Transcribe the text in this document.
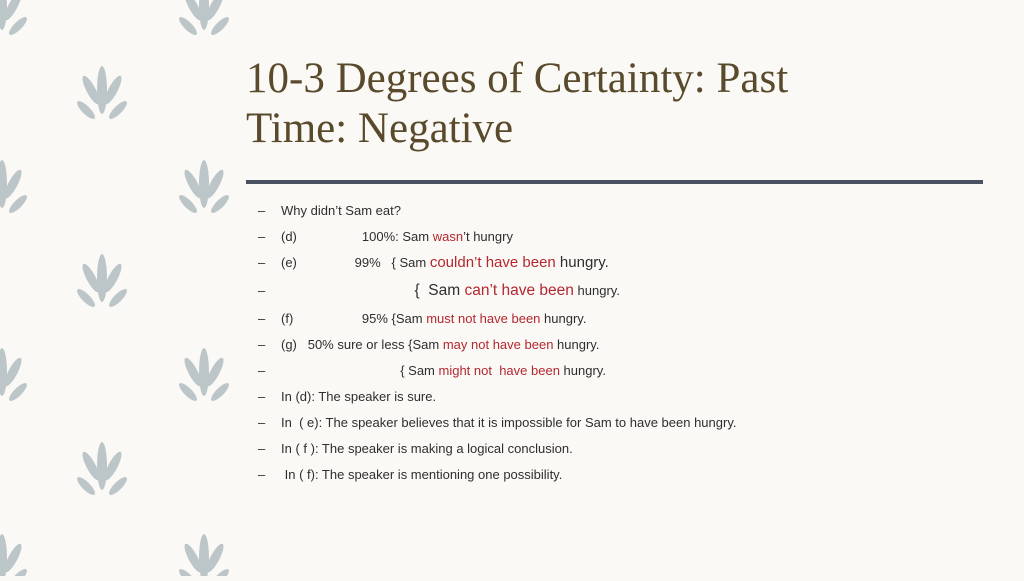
10-3 Degrees of Certainty: Past
Time: Negative

–

Why didn’t Sam eat?

–

(d)                  100%: Sam wasn’t hungry

–

(e)                99%   { Sam couldn’t have been hungry.

–

{  Sam can’t have been hungry.

–

(f)                   95% {Sam must not have been hungry.

–

(g)   50% sure or less {Sam may not have been hungry.

–

{ Sam might not  have been hungry.

–

In (d): The speaker is sure.

–

In  ( e): The speaker believes that it is impossible for Sam to have been hungry.

–

In ( f ): The speaker is making a logical conclusion.

–

In ( f): The speaker is mentioning one possibility.
